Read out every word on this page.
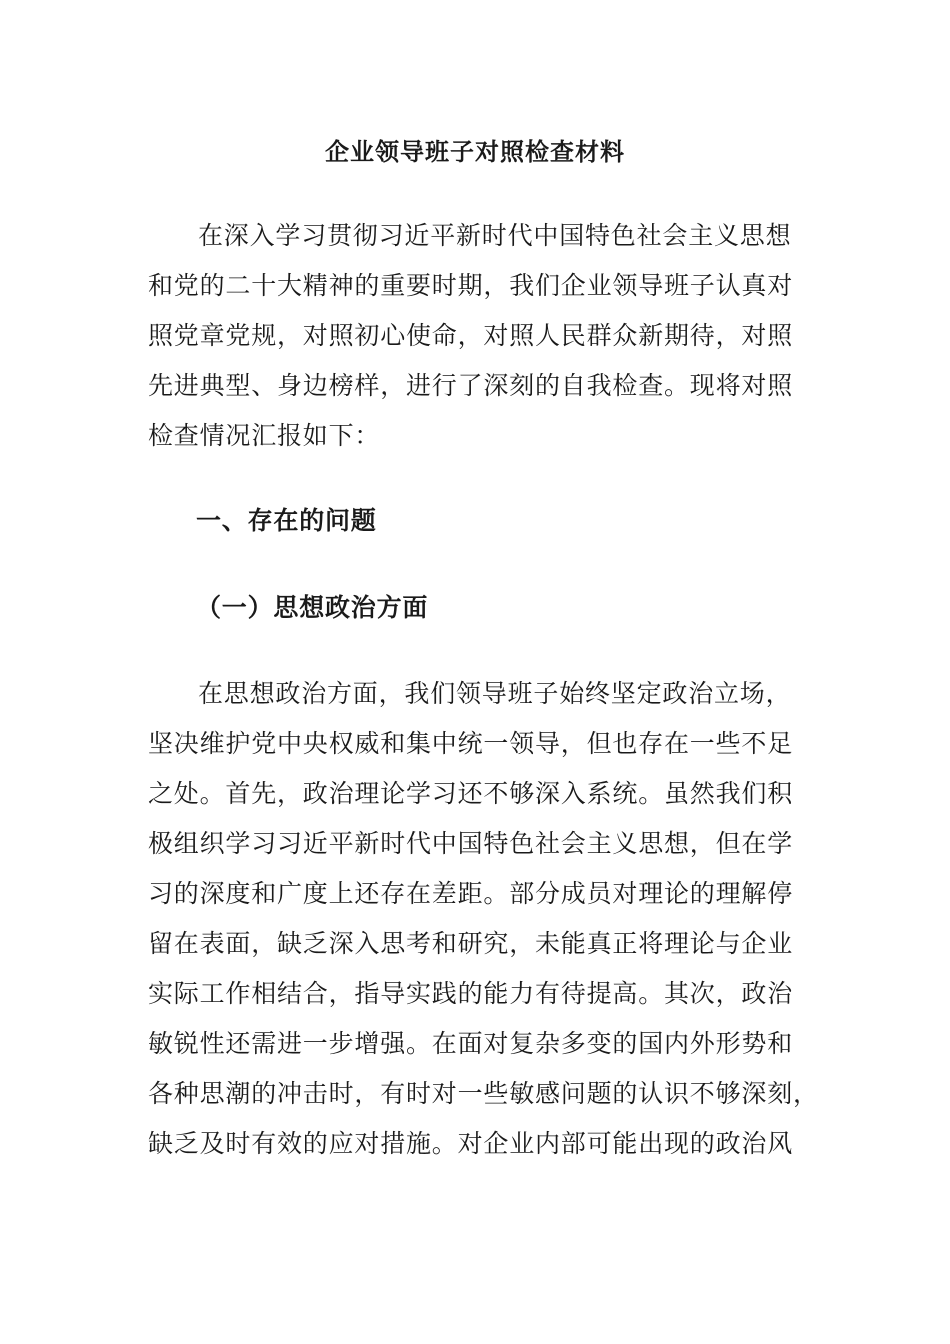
企业领导班子对照检查材料
在深入学习贯彻习近平新时代中国特色社会主义思想
和党的二十大精神的重要时期，我们企业领导班子认真对
照党章党规，对照初心使命，对照人民群众新期待，对照
先进典型、身边榜样，进行了深刻的自我检查。现将对照
检查情况汇报如下：
一、存在的问题
（一）思想政治方面
在思想政治方面，我们领导班子始终坚定政治立场，
坚决维护党中央权威和集中统一领导，但也存在一些不足
之处。首先，政治理论学习还不够深入系统。虽然我们积
极组织学习习近平新时代中国特色社会主义思想，但在学
习的深度和广度上还存在差距。部分成员对理论的理解停
留在表面，缺乏深入思考和研究，未能真正将理论与企业
实际工作相结合，指导实践的能力有待提高。其次，政治
敏锐性还需进一步增强。在面对复杂多变的国内外形势和
各种思潮的冲击时，有时对一些敏感问题的认识不够深刻，
缺乏及时有效的应对措施。对企业内部可能出现的政治风
